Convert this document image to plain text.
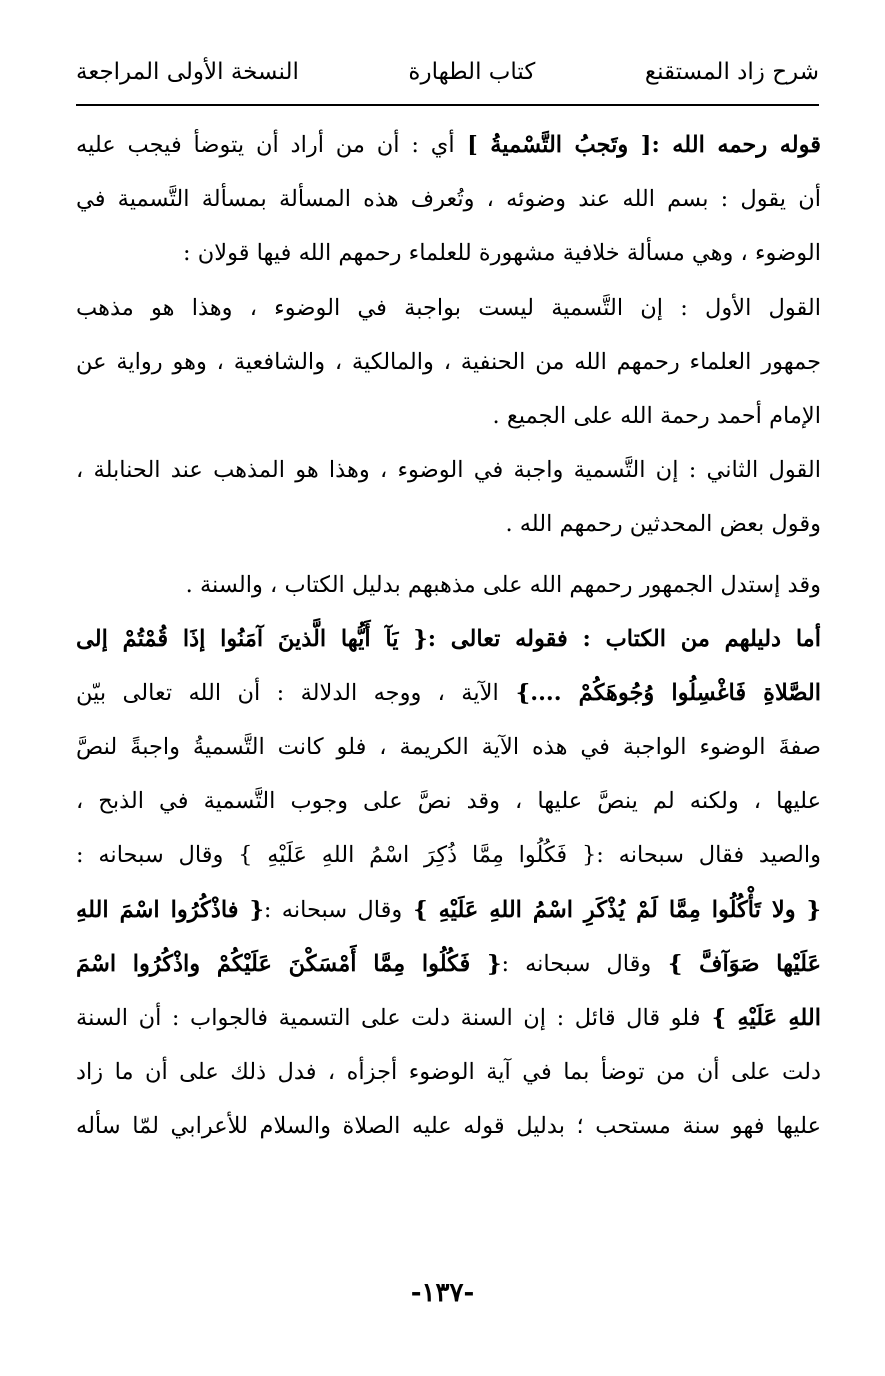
شرح زاد المستقنع
كتاب الطهارة
النسخة الأولى المراجعة
قوله رحمه الله :[ وتَجبُ التَّسْميةُ ] أي : أن من أراد أن يتوضأ فيجب عليه
أن يقول : بسم الله عند وضوئه ، وتُعرف هذه المسألة بمسألة التَّسمية في
الوضوء ، وهي مسألة خلافية مشهورة للعلماء رحمهم الله فيها قولان :
القول الأول : إن التَّسمية ليست بواجبة في الوضوء ، وهذا هو مذهب
جمهور العلماء رحمهم الله من الحنفية ، والمالكية ، والشافعية ، وهو رواية عن
الإمام أحمد رحمة الله على الجميع .
القول الثاني : إن التَّسمية واجبة في الوضوء ، وهذا هو المذهب عند الحنابلة ،
وقول بعض المحدثين رحمهم الله .
وقد إستدل الجمهور رحمهم الله على مذهبهم بدليل الكتاب ، والسنة .
أما دليلهم من الكتاب : فقوله تعالى :{ يَآ أَيُّها الَّذينَ آمَنُوا إذَا قُمْتُمْ إلى
الصَّلاةِ فَاغْسِلُوا وُجُوهَكُمْ ....} الآية ، ووجه الدلالة : أن الله تعالى بيّن
صفةَ الوضوء الواجبة في هذه الآية الكريمة ، فلو كانت التَّسميةُ واجبةً لنصَّ
عليها ، ولكنه لم ينصَّ عليها ، وقد نصَّ على وجوب التَّسمية في الذبح ،
والصيد فقال سبحانه :{ فَكُلُوا مِمَّا ذُكِرَ اسْمُ اللهِ عَلَيْهِ } وقال سبحانه :
{ ولا تَأْكُلُوا مِمَّا لَمْ يُذْكَرِ اسْمُ اللهِ عَلَيْهِ } وقال سبحانه :{ فاذْكُرُوا اسْمَ اللهِ
عَلَيْها صَوَآفَّ } وقال سبحانه :{ فَكُلُوا مِمَّا أَمْسَكْنَ عَلَيْكُمْ واذْكُرُوا اسْمَ
اللهِ عَلَيْهِ } فلو قال قائل : إن السنة دلت على التسمية فالجواب : أن السنة
دلت على أن من توضأ بما في آية الوضوء أجزأه ، فدل ذلك على أن ما زاد
عليها فهو سنة مستحب ؛ بدليل قوله عليه الصلاة والسلام للأعرابي لمّا سأله
-١٣٧-
